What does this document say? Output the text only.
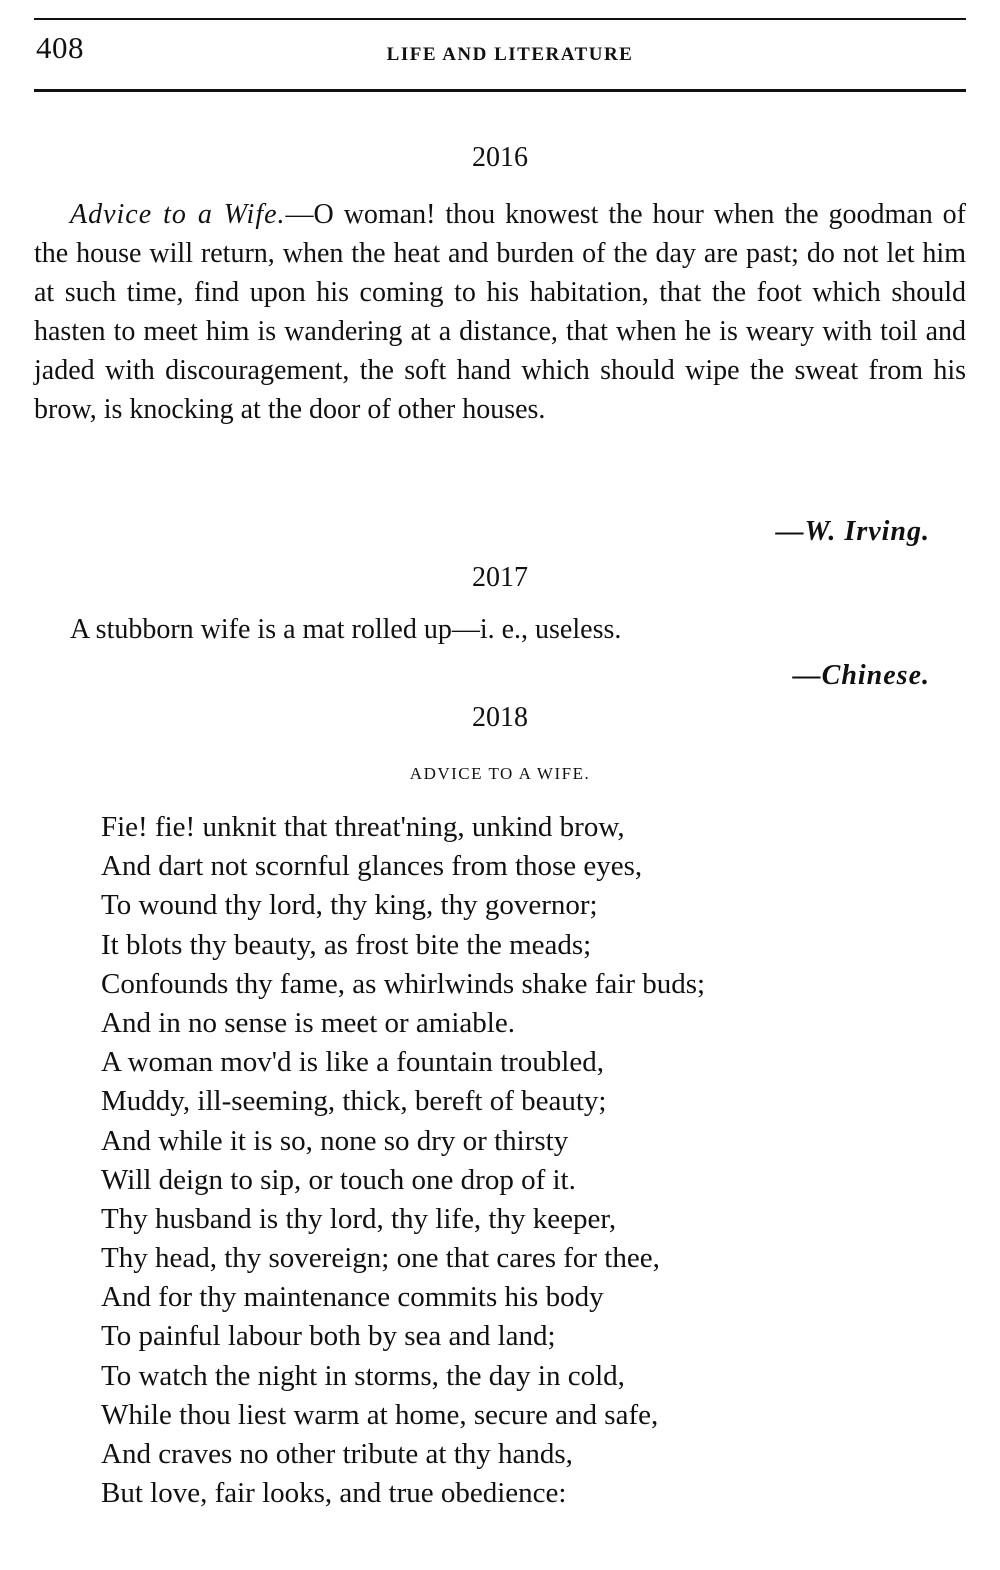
408	LIFE AND LITERATURE
2016

Advice to a Wife.—O woman! thou knowest the hour when the goodman of the house will return, when the heat and burden of the day are past; do not let him at such time, find upon his coming to his habitation, that the foot which should hasten to meet him is wandering at a distance, that when he is weary with toil and jaded with discouragement, the soft hand which should wipe the sweat from his brow, is knocking at the door of other houses.

—W. Irving.
2017
A stubborn wife is a mat rolled up—i. e., useless.
—Chinese.
2018
ADVICE TO A WIFE.
Fie! fie! unknit that threat'ning, unkind brow,
And dart not scornful glances from those eyes,
To wound thy lord, thy king, thy governor;
It blots thy beauty, as frost bite the meads;
Confounds thy fame, as whirlwinds shake fair buds;
And in no sense is meet or amiable.
A woman mov'd is like a fountain troubled,
Muddy, ill-seeming, thick, bereft of beauty;
And while it is so, none so dry or thirsty
Will deign to sip, or touch one drop of it.
Thy husband is thy lord, thy life, thy keeper,
Thy head, thy sovereign; one that cares for thee,
And for thy maintenance commits his body
To painful labour both by sea and land;
To watch the night in storms, the day in cold,
While thou liest warm at home, secure and safe,
And craves no other tribute at thy hands,
But love, fair looks, and true obedience:
